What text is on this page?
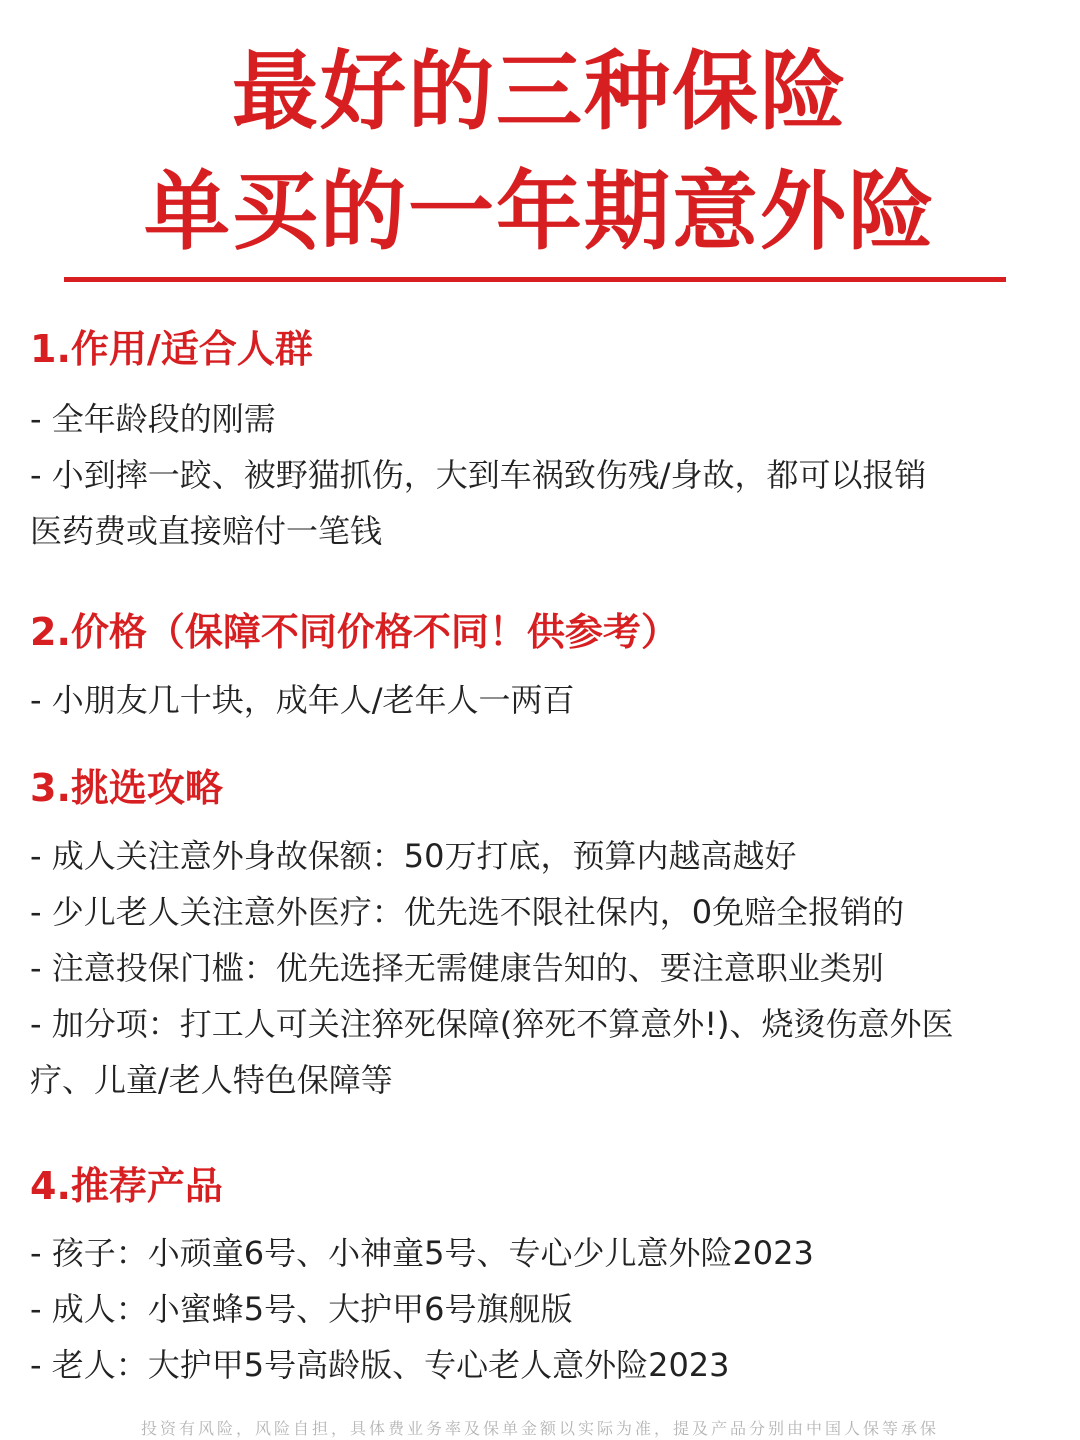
最好的三种保险
单买的一年期意外险
1.作用/适合人群
- 全年龄段的刚需
- 小到摔一跤、被野猫抓伤，大到车祸致伤残/身故，都可以报销
医药费或直接赔付一笔钱
2.价格（保障不同价格不同！供参考）
- 小朋友几十块，成年人/老年人一两百
3.挑选攻略
- 成人关注意外身故保额：50万打底，预算内越高越好
- 少儿老人关注意外医疗：优先选不限社保内，0免赔全报销的
- 注意投保门槛：优先选择无需健康告知的、要注意职业类别
- 加分项：打工人可关注猝死保障(猝死不算意外!)、烧烫伤意外医
疗、儿童/老人特色保障等
4.推荐产品
- 孩子：小顽童6号、小神童5号、专心少儿意外险2023
- 成人：小蜜蜂5号、大护甲6号旗舰版
- 老人：大护甲5号高龄版、专心老人意外险2023
投资有风险，风险自担，具体费业务率及保单金额以实际为准，提及产品分别由中国人保等承保
